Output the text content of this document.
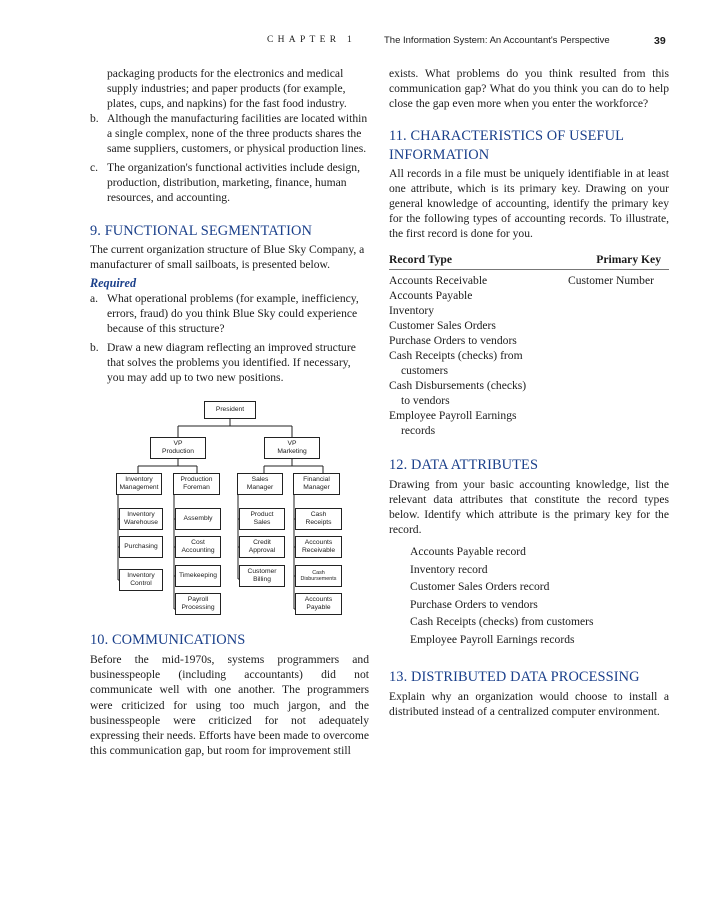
CHAPTER 1	The Information System: An Accountant's Perspective	39

packaging products for the electronics and medical supply industries; and paper products (for example, plates, cups, and napkins) for the fast food industry.

b. Although the manufacturing facilities are located within a single complex, none of the three products shares the same suppliers, customers, or physical production lines.
c. The organization's functional activities include design, production, distribution, marketing, finance, human resources, and accounting.
9. FUNCTIONAL SEGMENTATION

The current organization structure of Blue Sky Company, a manufacturer of small sailboats, is presented below.

Required

a. What operational problems (for example, inefficiency, errors, fraud) do you think Blue Sky could experience because of this structure?
b. Draw a new diagram reflecting an improved structure that solves the problems you identified. If necessary, you may add up to two new positions.
President
VP
Production
VP
Marketing
Inventory
Management
Production
Foreman
Sales
Manager
Financial
Manager
Inventory
Warehouse
Purchasing
Inventory
Control
Assembly
Cost
Accounting
Timekeeping
Payroll
Processing
Product
Sales
Credit
Approval
Customer
Billing
Cash
Receipts
Accounts
Receivable
Cash
Disbursements
Accounts
Payable
10. COMMUNICATIONS

Before the mid-1970s, systems programmers and businesspeople (including accountants) did not communicate well with one another. The programmers were criticized for using too much jargon, and the businesspeople were criticized for not adequately expressing their needs. Efforts have been made to overcome this communication gap, but room for improvement still

exists. What problems do you think resulted from this communication gap? What do you think you can do to help close the gap even more when you enter the workforce?

11. CHARACTERISTICS OF USEFUL
INFORMATION

All records in a file must be uniquely identifiable in at least one attribute, which is its primary key. Drawing on your general knowledge of accounting, identify the primary key for the following types of accounting records. To illustrate, the first record is done for you.

Record Type	Primary Key
Accounts Receivable	Customer Number
Accounts Payable
Inventory
Customer Sales Orders
Purchase Orders to vendors
Cash Receipts (checks) from
customers
Cash Disbursements (checks)
to vendors
Employee Payroll Earnings
records
12. DATA ATTRIBUTES

Drawing from your basic accounting knowledge, list the relevant data attributes that constitute the record types below. Identify which attribute is the primary key for the record.

Accounts Payable record

Inventory record

Customer Sales Orders record

Purchase Orders to vendors

Cash Receipts (checks) from customers

Employee Payroll Earnings records

13. DISTRIBUTED DATA PROCESSING

Explain why an organization would choose to install a distributed instead of a centralized computer environment.
